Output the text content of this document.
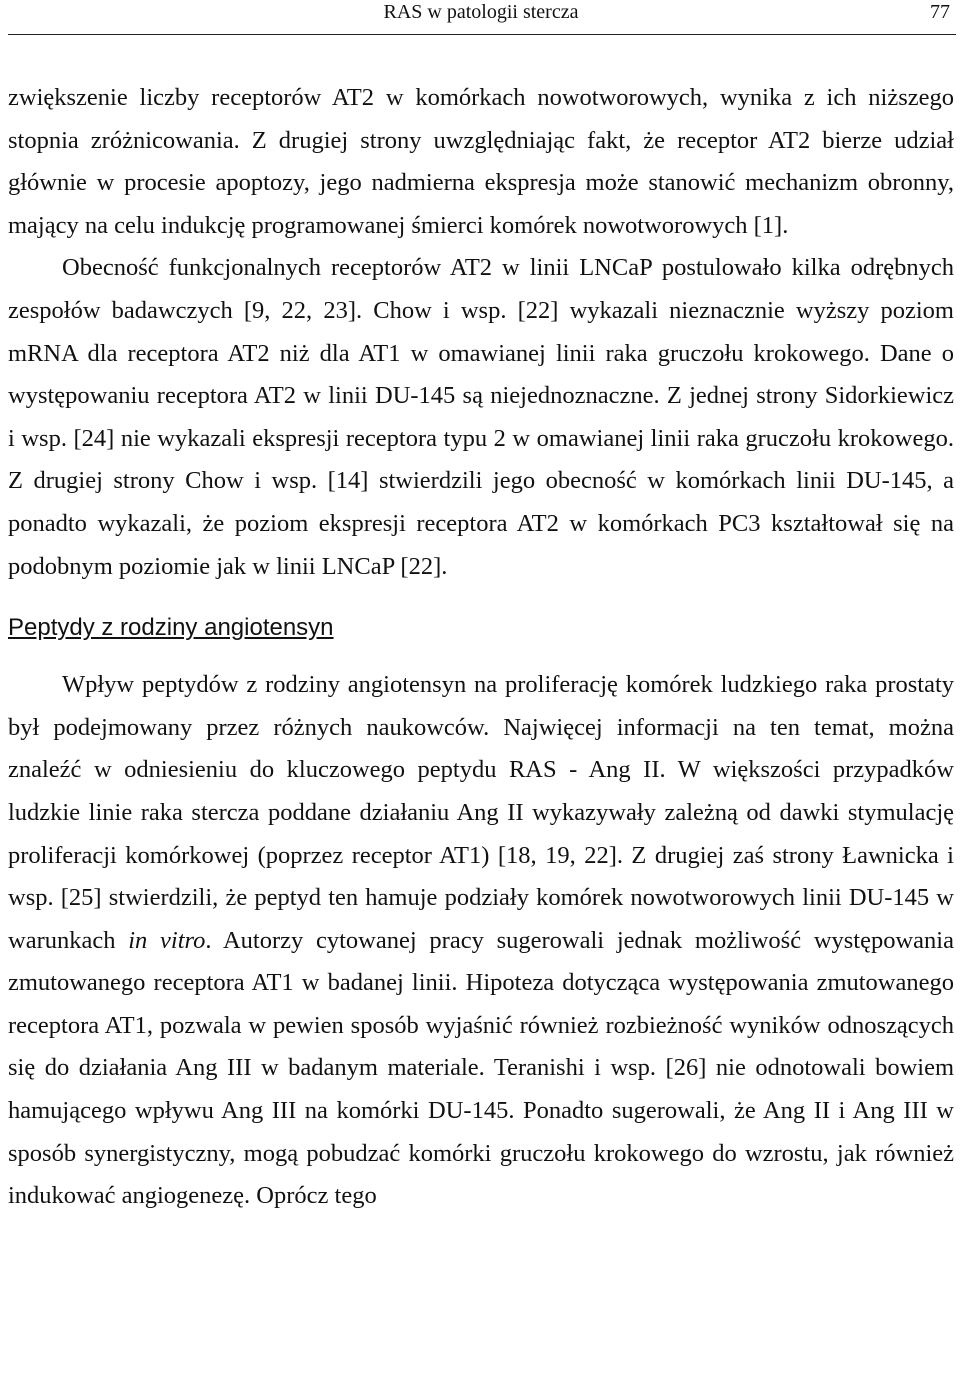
RAS w patologii stercza	77

zwiększenie liczby receptorów AT2 w komórkach nowotworowych, wynika z ich niższego stopnia zróżnicowania. Z drugiej strony uwzględniając fakt, że receptor AT2 bierze udział głównie w procesie apoptozy, jego nadmierna ekspresja może stanowić mechanizm obronny, mający na celu indukcję programowanej śmierci komórek nowotworowych [1].

Obecność funkcjonalnych receptorów AT2 w linii LNCaP postulowało kilka odrębnych zespołów badawczych [9, 22, 23]. Chow i wsp. [22] wykazali nieznacznie wyższy poziom mRNA dla receptora AT2 niż dla AT1 w omawianej linii raka gruczołu krokowego. Dane o występowaniu receptora AT2 w linii DU-145 są niejednoznaczne. Z jednej strony Sidorkiewicz i wsp. [24] nie wykazali ekspresji receptora typu 2 w omawianej linii raka gruczołu krokowego. Z drugiej strony Chow i wsp. [14] stwierdzili jego obecność w komórkach linii DU-145, a ponadto wykazali, że poziom ekspresji receptora AT2 w komórkach PC3 kształtował się na podobnym poziomie jak w linii LNCaP [22].

Peptydy z rodziny angiotensyn

Wpływ peptydów z rodziny angiotensyn na proliferację komórek ludzkiego raka prostaty był podejmowany przez różnych naukowców. Najwięcej informacji na ten temat, można znaleźć w odniesieniu do kluczowego peptydu RAS - Ang II. W większości przypadków ludzkie linie raka stercza poddane działaniu Ang II wykazywały zależną od dawki stymulację proliferacji komórkowej (poprzez receptor AT1) [18, 19, 22]. Z drugiej zaś strony Ławnicka i wsp. [25] stwierdzili, że peptyd ten hamuje podziały komórek nowotworowych linii DU-145 w warunkach in vitro. Autorzy cytowanej pracy sugerowali jednak możliwość występowania zmutowanego receptora AT1 w badanej linii. Hipoteza dotycząca występowania zmutowanego receptora AT1, pozwala w pewien sposób wyjaśnić również rozbieżność wyników odnoszących się do działania Ang III w badanym materiale. Teranishi i wsp. [26] nie odnotowali bowiem hamującego wpływu Ang III na komórki DU-145. Ponadto sugerowali, że Ang II i Ang III w sposób synergistyczny, mogą pobudzać komórki gruczołu krokowego do wzrostu, jak również indukować angiogenezę. Oprócz tego
